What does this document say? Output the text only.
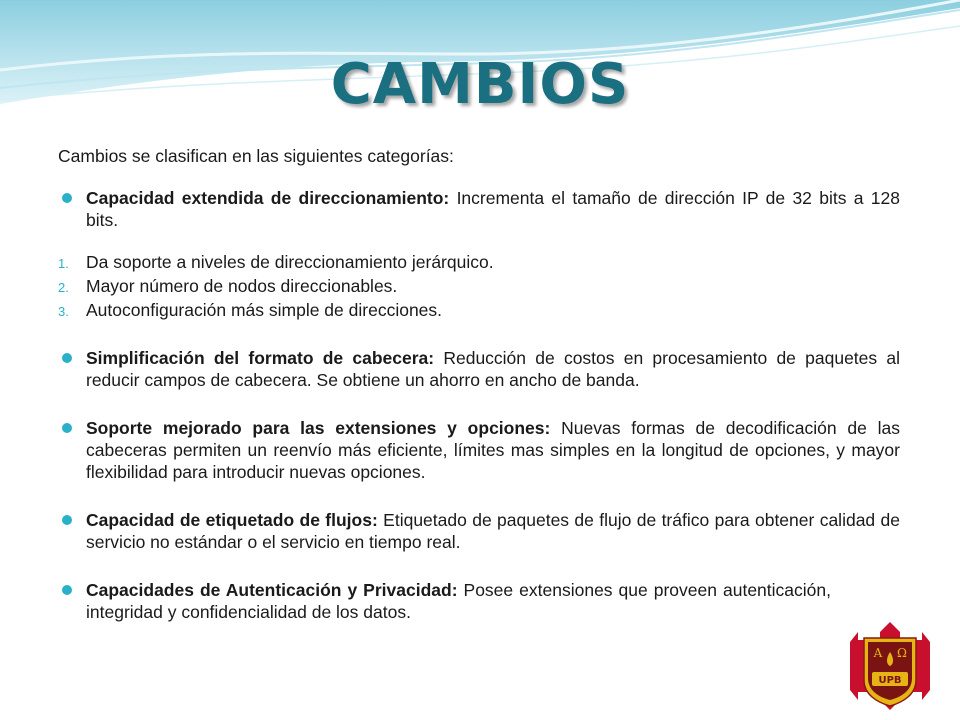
CAMBIOS

Cambios se clasifican en las siguientes categorías:

Capacidad extendida de direccionamiento: Incrementa el tamaño de dirección IP de 32 bits a 128 bits.
1. Da soporte a niveles de direccionamiento jerárquico.
2. Mayor número de nodos direccionables.
3. Autoconfiguración más simple de direcciones.
Simplificación del formato de cabecera: Reducción de costos en procesamiento de paquetes al reducir campos de cabecera. Se obtiene un ahorro en ancho de banda.
Soporte mejorado para las extensiones y opciones: Nuevas formas de decodificación de las cabeceras permiten un reenvío más eficiente, límites mas simples en la longitud de opciones, y mayor flexibilidad para introducir nuevas opciones.
Capacidad de etiquetado de flujos: Etiquetado de paquetes de flujo de tráfico para obtener calidad de servicio no estándar o el servicio en tiempo real.
Capacidades de Autenticación y Privacidad: Posee extensiones que proveen autenticación, integridad y confidencialidad de los datos.
A Ω
UPB
